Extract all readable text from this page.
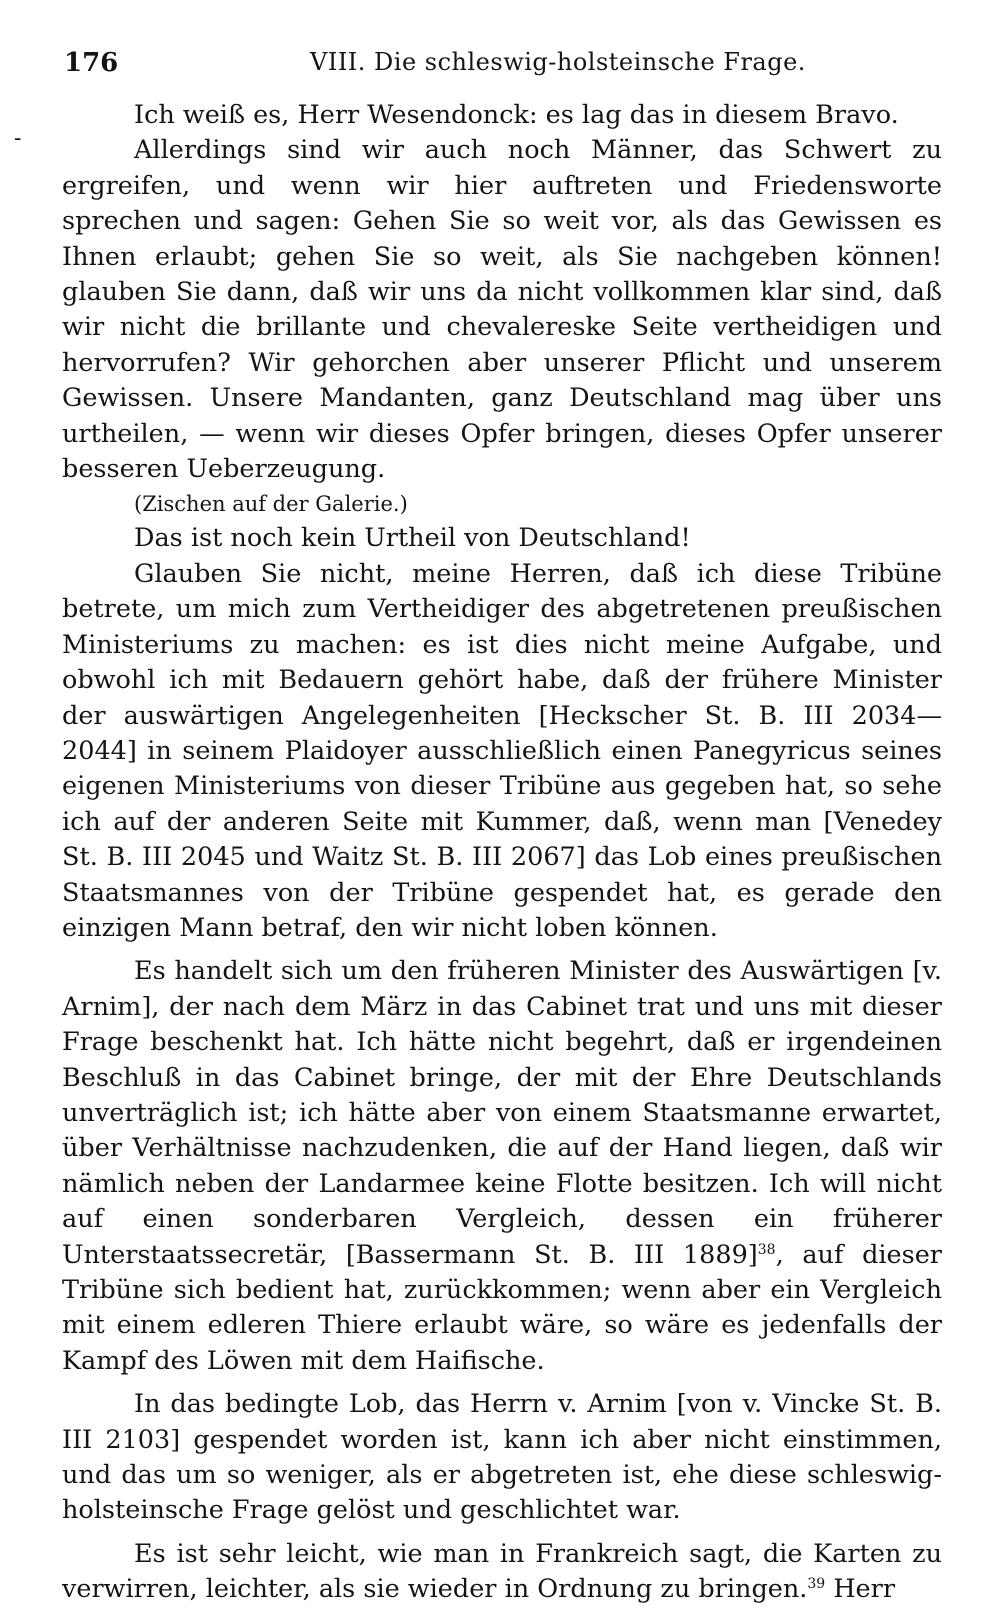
176	VIII. Die schleswig-holsteinsche Frage.
-

Ich weiß es, Herr Wesendonck: es lag das in diesem Bravo.

Allerdings sind wir auch noch Männer, das Schwert zu ergreifen, und wenn wir hier auftreten und Friedensworte sprechen und sagen: Gehen Sie so weit vor, als das Gewissen es Ihnen erlaubt; gehen Sie so weit, als Sie nachgeben können! glauben Sie dann, daß wir uns da nicht vollkommen klar sind, daß wir nicht die brillante und chevalereske Seite vertheidigen und hervorrufen? Wir gehorchen aber unserer Pflicht und unserem Gewissen. Unsere Mandanten, ganz Deutschland mag über uns urtheilen, — wenn wir dieses Opfer bringen, dieses Opfer unserer besseren Ueberzeugung.

(Zischen auf der Galerie.)

Das ist noch kein Urtheil von Deutschland!

Glauben Sie nicht, meine Herren, daß ich diese Tribüne betrete, um mich zum Vertheidiger des abgetretenen preußischen Ministeriums zu machen: es ist dies nicht meine Aufgabe, und obwohl ich mit Bedauern gehört habe, daß der frühere Minister der auswärtigen Angelegenheiten [Heckscher St. B. III 2034—2044] in seinem Plaidoyer ausschließlich einen Panegyricus seines eigenen Ministeriums von dieser Tribüne aus gegeben hat, so sehe ich auf der anderen Seite mit Kummer, daß, wenn man [Venedey St. B. III 2045 und Waitz St. B. III 2067] das Lob eines preußischen Staatsmannes von der Tribüne gespendet hat, es gerade den einzigen Mann betraf, den wir nicht loben können.

Es handelt sich um den früheren Minister des Auswärtigen [v. Arnim], der nach dem März in das Cabinet trat und uns mit dieser Frage beschenkt hat. Ich hätte nicht begehrt, daß er irgendeinen Beschluß in das Cabinet bringe, der mit der Ehre Deutschlands unverträglich ist; ich hätte aber von einem Staatsmanne erwartet, über Verhältnisse nachzudenken, die auf der Hand liegen, daß wir nämlich neben der Landarmee keine Flotte besitzen. Ich will nicht auf einen sonderbaren Vergleich, dessen ein früherer Unterstaatssecretär, [Bassermann St. B. III 1889]$^{38}$, auf dieser Tribüne sich bedient hat, zurückkommen; wenn aber ein Vergleich mit einem edleren Thiere erlaubt wäre, so wäre es jedenfalls der Kampf des Löwen mit dem Haifische.

In das bedingte Lob, das Herrn v. Arnim [von v. Vincke St. B. III 2103] gespendet worden ist, kann ich aber nicht einstimmen, und das um so weniger, als er abgetreten ist, ehe diese schleswig-holsteinsche Frage gelöst und geschlichtet war.

Es ist sehr leicht, wie man in Frankreich sagt, die Karten zu verwirren, leichter, als sie wieder in Ordnung zu bringen.$^{39}$ Herr
